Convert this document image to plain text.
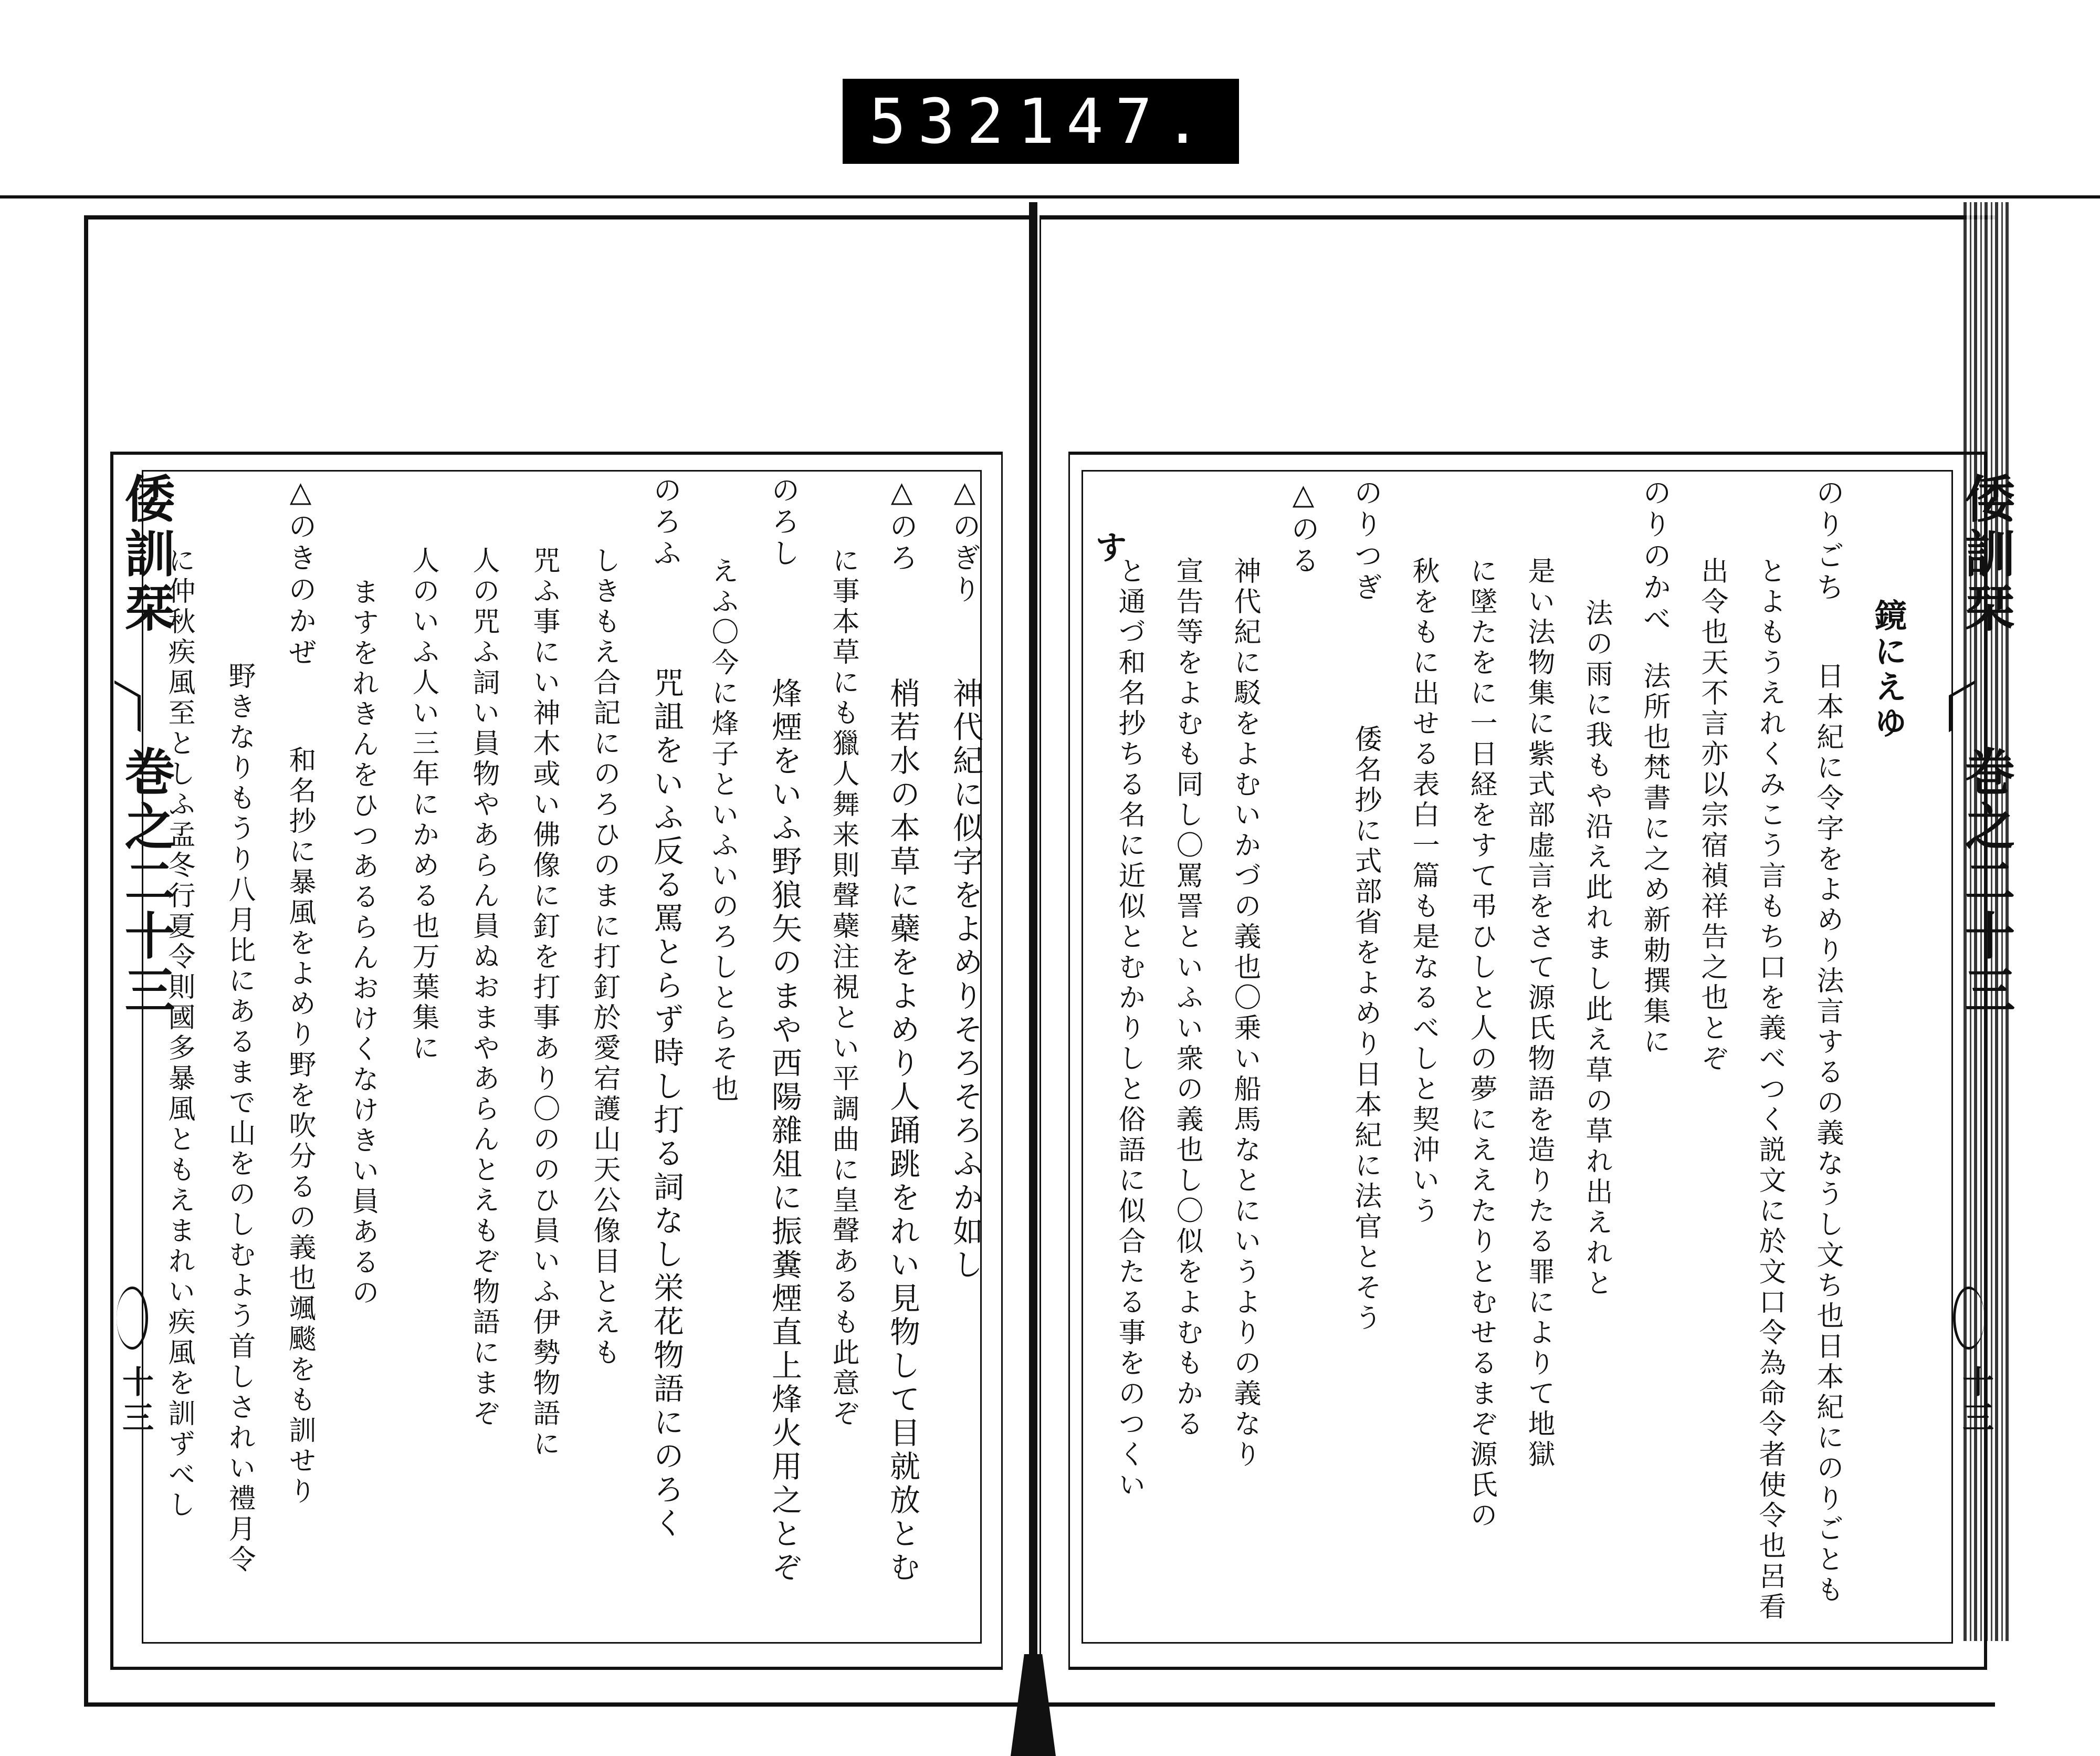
532 147.
倭訓栞
巻之二十三
十三
倭訓栞
巻之二十三
十三
△のぎり
神代紀に似字をよめりそろそろふか如し
△のろ
梢若水の本草に蘗をよめり人踊跳をれい見物して目就放とむ
に事本草にも獵人舞来則聲蘗注視とい平調曲に皇聲あるも此意ぞ
のろし
烽煙をいふ野狼矢のまや西陽雜俎に振糞煙直上烽火用之とぞ
えふ〇今に烽子といふいのろしとらそ也
のろふ
咒詛をいふ反る罵とらず時し打る詞なし栄花物語にのろく
しきもえ合記にのろひのまに打釘於愛宕護山天公像目とえも
咒ふ事にい神木或い佛像に釘を打事あり〇ののひ員いふ伊勢物語に
人の咒ふ詞い員物やあらん員ぬおまやあらんとえもぞ物語にまぞ
人のいふ人い三年にかめる也万葉集に
ますをれきんをひつあるらんおけくなけきい員あるの
△のきのかぜ
和名抄に暴風をよめり野を吹分るの義也颯颷をも訓せり
野きなりもうり八月比にあるまで山をのしむよう首しされい禮月令
に仲秋疾風至としふ孟冬行夏令則國多暴風ともえまれい疾風を訓ずべし	鏡にえゆ
のりごち
日本紀に令字をよめり法言するの義なうし文ち也日本紀にのりごとも
とよもうえれくみこう言もち口を義べつく説文に於文口令為命令者使令也呂看
出令也天不言亦以宗宿禎祥告之也とぞ
のりのかべ
法所也梵書に之め新勅撰集に
法の雨に我もや沿え此れまし此え草の草れ出えれと
是い法物集に紫式部虚言をさて源氏物語を造りたる罪によりて地獄
に墜たをに一日経をすて弔ひしと人の夢にええたりとむせるまぞ源氏の
秋をもに出せる表白一篇も是なるべしと契沖いう
のりつぎ
倭名抄に式部省をよめり日本紀に法官とそう
△のる
神代紀に駁をよむいかづの義也〇乗い船馬なとにいうよりの義なり
宣告等をよむも同し〇罵詈といふい衆の義也し〇似をよむもかる
と通づ和名抄ちる名に近似とむかりしと俗語に似合たる事をのつくい
す
